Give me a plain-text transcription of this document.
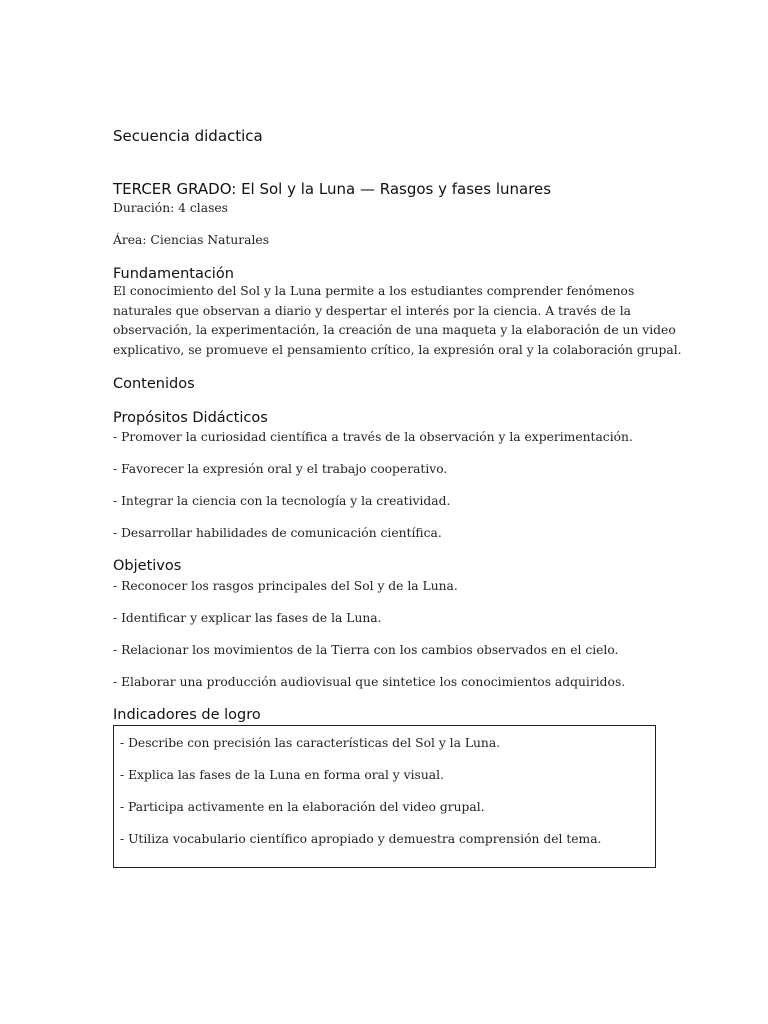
Secuencia didactica
TERCER GRADO: El Sol y la Luna — Rasgos y fases lunares
Duración: 4 clases
Área: Ciencias Naturales
Fundamentación
El conocimiento del Sol y la Luna permite a los estudiantes comprender fenómenos
naturales que observan a diario y despertar el interés por la ciencia. A través de la
observación, la experimentación, la creación de una maqueta y la elaboración de un video
explicativo, se promueve el pensamiento crítico, la expresión oral y la colaboración grupal.
Contenidos
Propósitos Didácticos
- Promover la curiosidad científica a través de la observación y la experimentación.
- Favorecer la expresión oral y el trabajo cooperativo.
- Integrar la ciencia con la tecnología y la creatividad.
- Desarrollar habilidades de comunicación científica.
Objetivos
- Reconocer los rasgos principales del Sol y de la Luna.
- Identificar y explicar las fases de la Luna.
- Relacionar los movimientos de la Tierra con los cambios observados en el cielo.
- Elaborar una producción audiovisual que sintetice los conocimientos adquiridos.
Indicadores de logro
- Describe con precisión las características del Sol y la Luna.
- Explica las fases de la Luna en forma oral y visual.
- Participa activamente en la elaboración del video grupal.
- Utiliza vocabulario científico apropiado y demuestra comprensión del tema.
